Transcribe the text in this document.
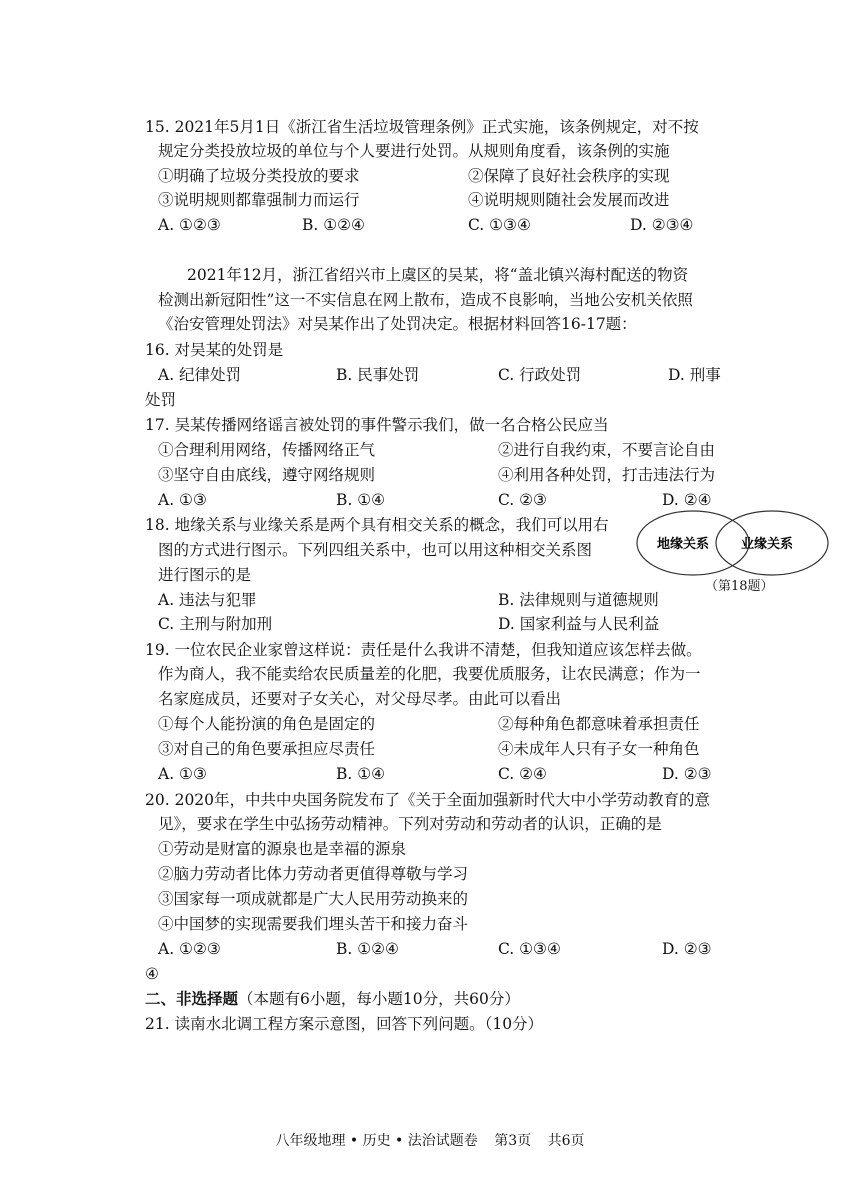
15. 2021年5月1日《浙江省生活垃圾管理条例》正式实施，该条例规定，对不按
规定分类投放垃圾的单位与个人要进行处罚。从规则角度看，该条例的实施
①明确了垃圾分类投放的要求	②保障了良好社会秩序的实现
③说明规则都靠强制力而运行	④说明规则随社会发展而改进
A. ①②③	B. ①②④	C. ①③④	D. ②③④
2021年12月，浙江省绍兴市上虞区的吴某，将“盖北镇兴海村配送的物资
检测出新冠阳性”这一不实信息在网上散布，造成不良影响，当地公安机关依照
《治安管理处罚法》对吴某作出了处罚决定。根据材料回答16-17题：
16. 对吴某的处罚是
A. 纪律处罚	B. 民事处罚	C. 行政处罚	D. 刑事
处罚
17. 吴某传播网络谣言被处罚的事件警示我们，做一名合格公民应当
①合理利用网络，传播网络正气	②进行自我约束，不要言论自由
③坚守自由底线，遵守网络规则	④利用各种处罚，打击违法行为
A. ①③	B. ①④	C. ②③	D. ②④
18. 地缘关系与业缘关系是两个具有相交关系的概念，我们可以用右
图的方式进行图示。下列四组关系中，也可以用这种相交关系图
进行图示的是
A. 违法与犯罪	B. 法律规则与道德规则
C. 主刑与附加刑	D. 国家利益与人民利益
地缘关系 业缘关系
（第18题）
19. 一位农民企业家曾这样说：责任是什么我讲不清楚，但我知道应该怎样去做。
作为商人，我不能卖给农民质量差的化肥，我要优质服务，让农民满意；作为一
名家庭成员，还要对子女关心，对父母尽孝。由此可以看出
①每个人能扮演的角色是固定的	②每种角色都意味着承担责任
③对自己的角色要承担应尽责任	④未成年人只有子女一种角色
A. ①③	B. ①④	C. ②④	D. ②③
20. 2020年，中共中央国务院发布了《关于全面加强新时代大中小学劳动教育的意
见》，要求在学生中弘扬劳动精神。下列对劳动和劳动者的认识，正确的是
①劳动是财富的源泉也是幸福的源泉
②脑力劳动者比体力劳动者更值得尊敬与学习
③国家每一项成就都是广大人民用劳动换来的
④中国梦的实现需要我们埋头苦干和接力奋斗
A. ①②③	B. ①②④	C. ①③④	D. ②③
④
二、非选择题（本题有6小题，每小题10分，共60分）
21. 读南水北调工程方案示意图，回答下列问题。（10分）
八年级地理 • 历史 • 法治试题卷 第3页 共6页
